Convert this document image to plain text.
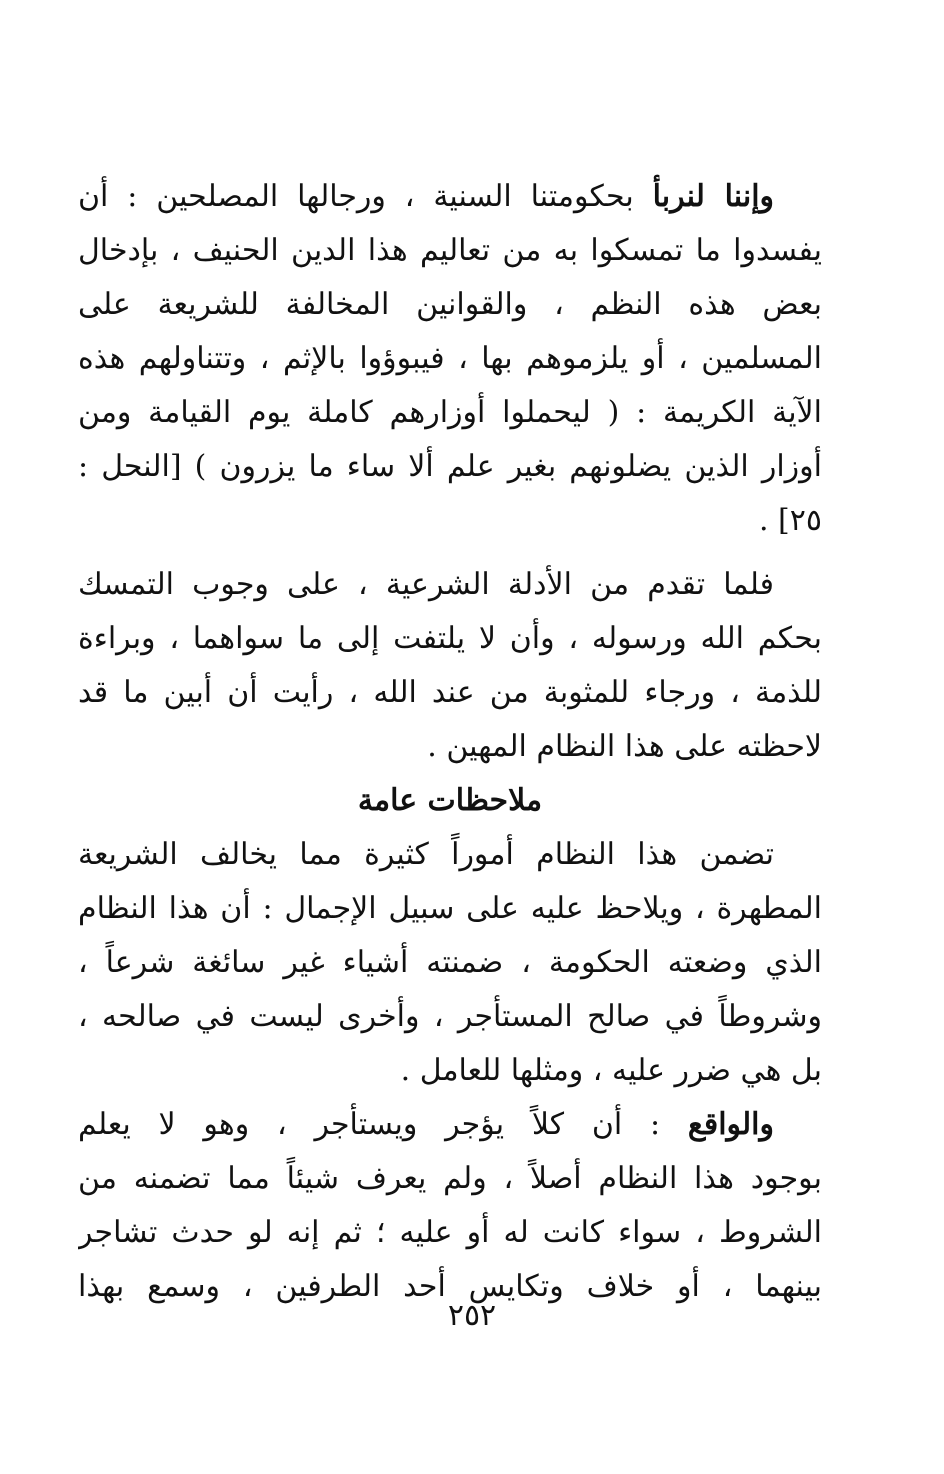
وإننا لنربأ بحكومتنا السنية ، ورجالها المصلحين : أن
يفسدوا ما تمسكوا به من تعاليم هذا الدين الحنيف ، بإدخال
بعض هذه النظم ، والقوانين المخالفة للشريعة على
المسلمين ، أو يلزموهم بها ، فيبوؤوا بالإثم ، وتتناولهم هذه
الآية الكريمة : ( ليحملوا أوزارهم كاملة يوم القيامة ومن
أوزار الذين يضلونهم بغير علم ألا ساء ما يزرون ) [النحل :
٢٥] .
فلما تقدم من الأدلة الشرعية ، على وجوب التمسك
بحكم الله ورسوله ، وأن لا يلتفت إلى ما سواهما ، وبراءة
للذمة ، ورجاء للمثوبة من عند الله ، رأيت أن أبين ما قد
لاحظته على هذا النظام المهين .
ملاحظات عامة
تضمن هذا النظام أموراً كثيرة مما يخالف الشريعة
المطهرة ، ويلاحظ عليه على سبيل الإجمال : أن هذا النظام
الذي وضعته الحكومة ، ضمنته أشياء غير سائغة شرعاً ،
وشروطاً في صالح المستأجر ، وأخرى ليست في صالحه ،
بل هي ضرر عليه ، ومثلها للعامل .
والواقع : أن كلاً يؤجر ويستأجر ، وهو لا يعلم
بوجود هذا النظام أصلاً ، ولم يعرف شيئاً مما تضمنه من
الشروط ، سواء كانت له أو عليه ؛ ثم إنه لو حدث تشاجر
بينهما ، أو خلاف وتكايس أحد الطرفين ، وسمع بهذا
٢٥٢
